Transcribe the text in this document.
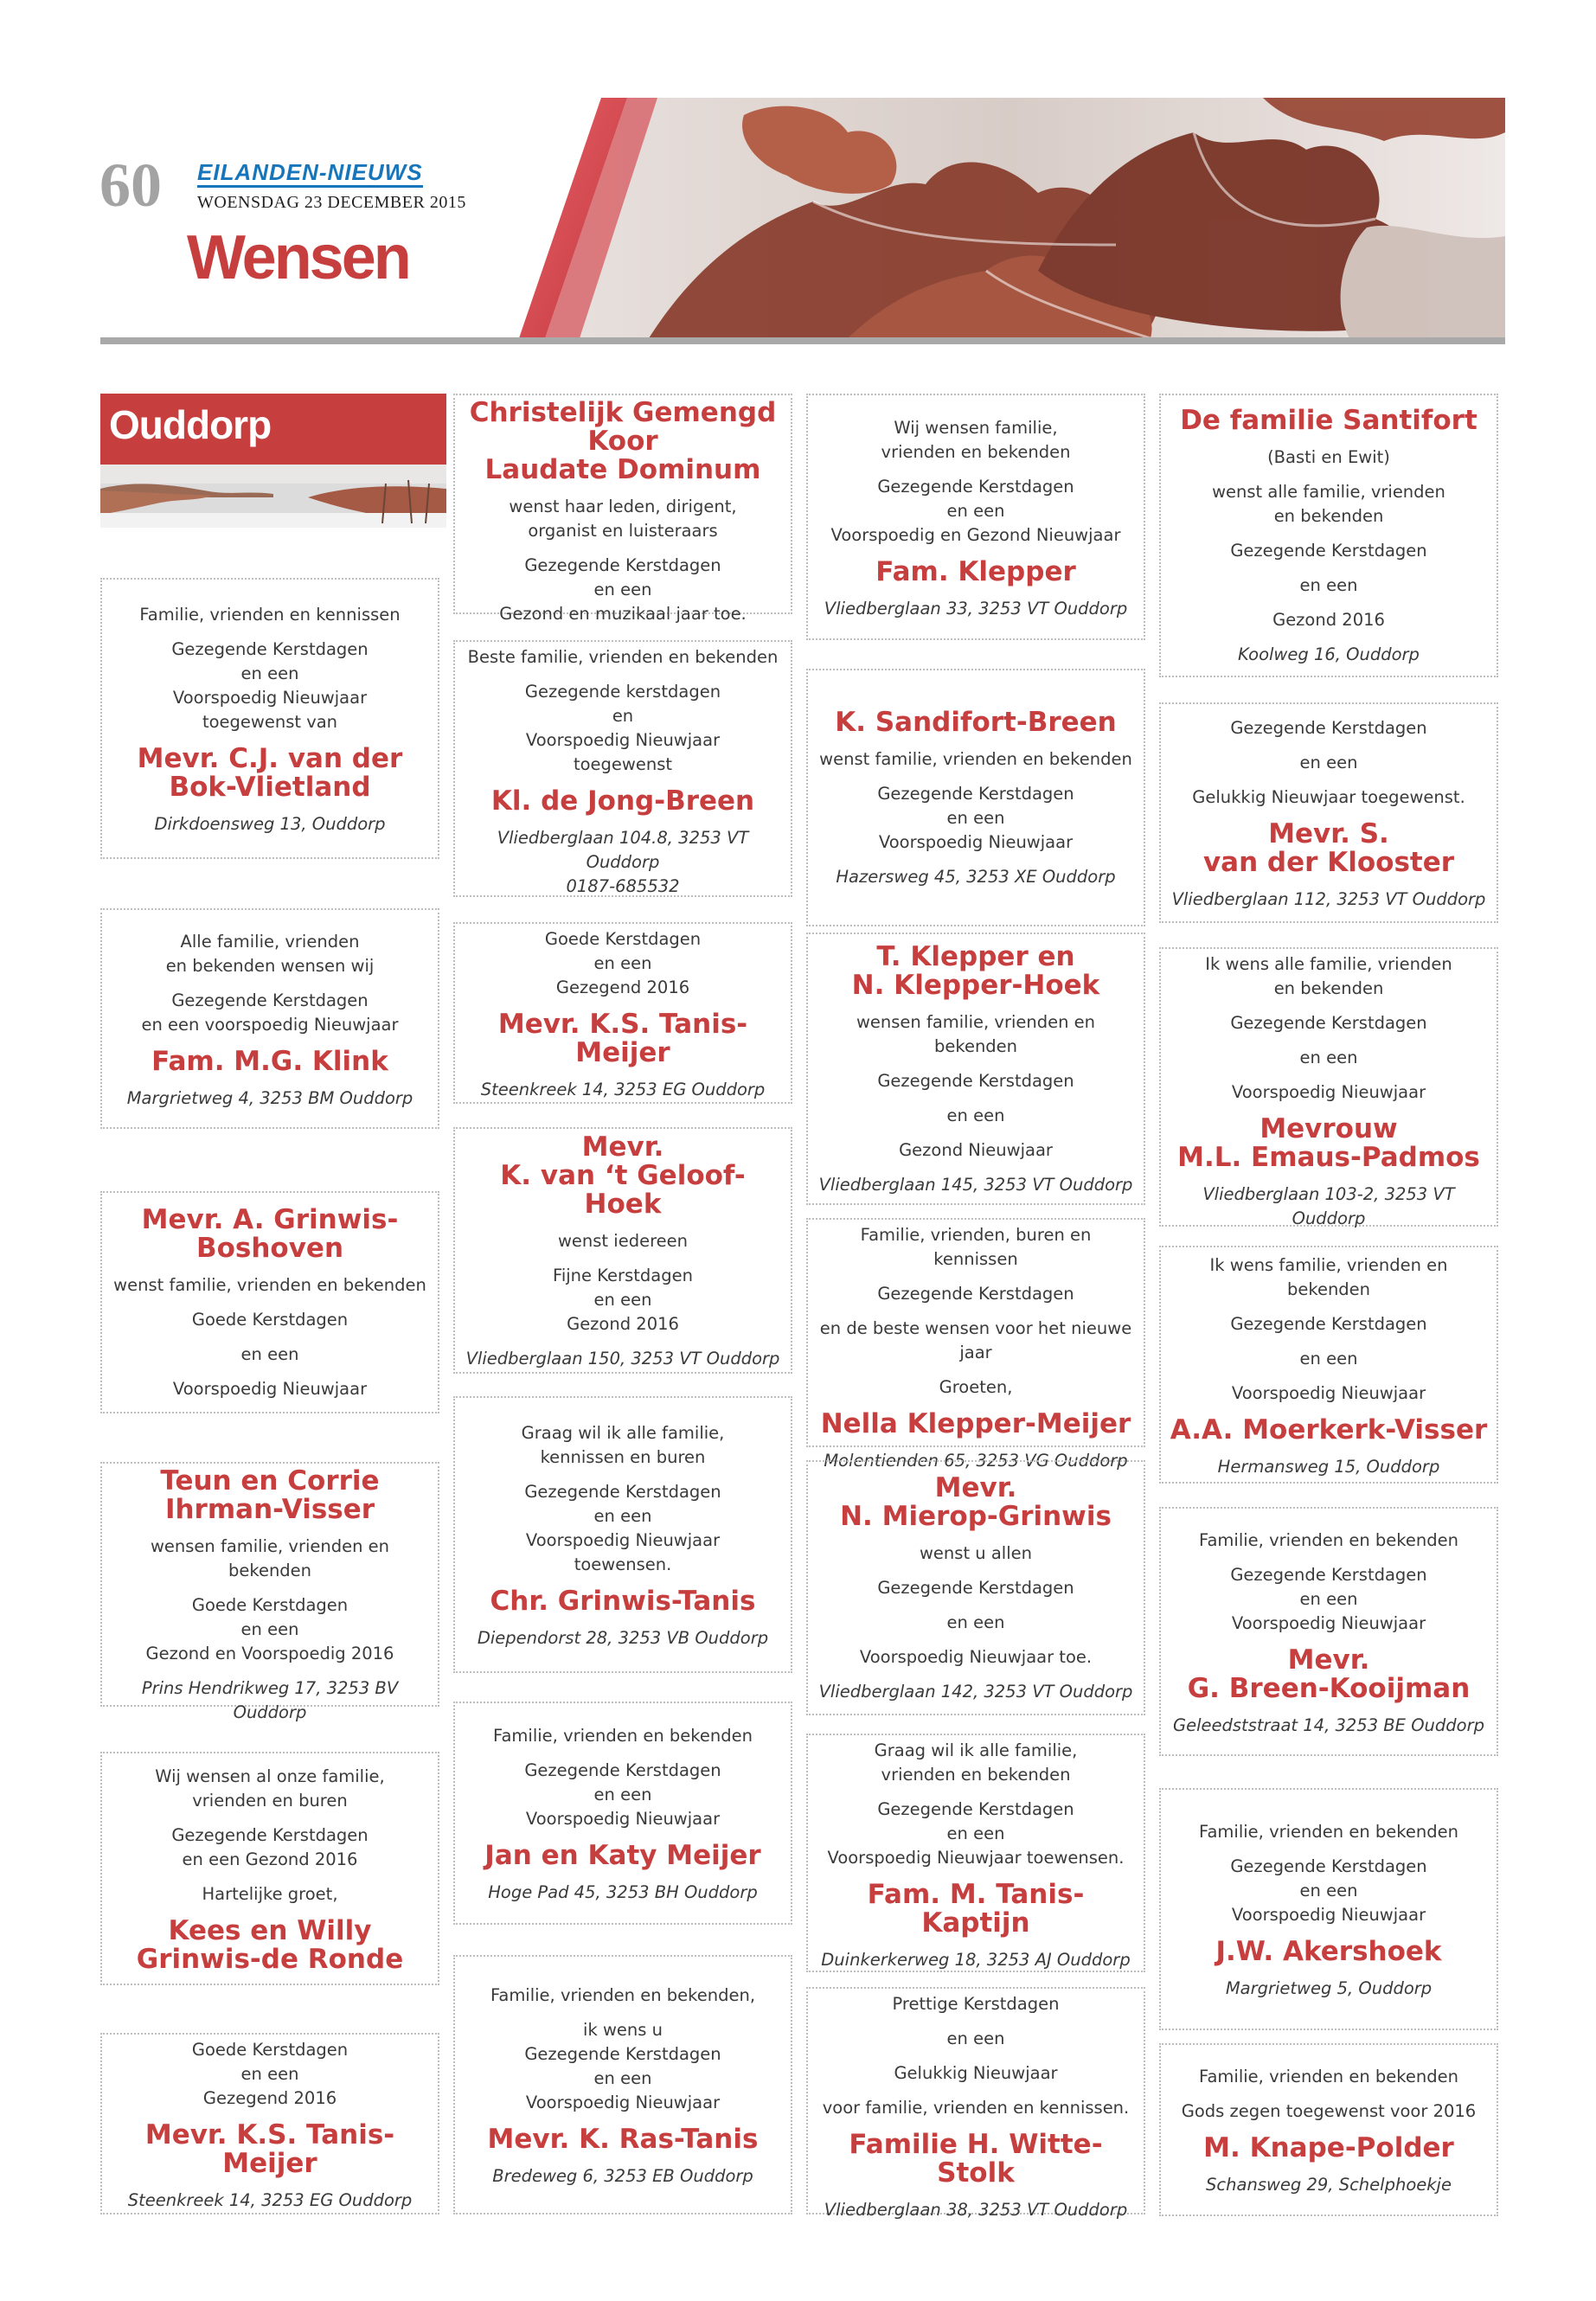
60 EILANDEN-NIEUWS
WOENSDAG 23 DECEMBER 2015
Wensen
Ouddorp
Familie, vrienden en kennissen
Gezegende Kerstdagen
en een
Voorspoedig Nieuwjaar
toegewenst van
Mevr. C.J. van der
Bok-Vlietland
Dirkdoensweg 13, Ouddorp
Alle familie, vrienden
en bekenden wensen wij
Gezegende Kerstdagen
en een voorspoedig Nieuwjaar
Fam. M.G. Klink
Margrietweg 4, 3253 BM Ouddorp
Mevr. A. Grinwis-
Boshoven
wenst familie, vrienden en bekenden
Goede Kerstdagen
en een
Voorspoedig Nieuwjaar
Teun en Corrie
Ihrman-Visser
wensen familie, vrienden en bekenden
Goede Kerstdagen
en een
Gezond en Voorspoedig 2016
Prins Hendrikweg 17, 3253 BV Ouddorp
Wij wensen al onze familie,
vrienden en buren
Gezegende Kerstdagen
en een Gezond 2016
Hartelijke groet,
Kees en Willy
Grinwis-de Ronde
Goede Kerstdagen
en een
Gezegend 2016
Mevr. K.S. Tanis-Meijer
Steenkreek 14, 3253 EG Ouddorp
Christelijk Gemengd Koor
Laudate Dominum
wenst haar leden, dirigent,
organist en luisteraars
Gezegende Kerstdagen
en een
Gezond en muzikaal jaar toe.
Beste familie, vrienden en bekenden
Gezegende kerstdagen
en
Voorspoedig Nieuwjaar
toegewenst
Kl. de Jong-Breen
Vliedberglaan 104.8, 3253 VT Ouddorp
0187-685532
Goede Kerstdagen
en een
Gezegend 2016
Mevr. K.S. Tanis-Meijer
Steenkreek 14, 3253 EG Ouddorp
Mevr.
K. van ‘t Geloof-Hoek
wenst iedereen
Fijne Kerstdagen
en een
Gezond 2016
Vliedberglaan 150, 3253 VT Ouddorp
Graag wil ik alle familie,
kennissen en buren
Gezegende Kerstdagen
en een
Voorspoedig Nieuwjaar
toewensen.
Chr. Grinwis-Tanis
Diependorst 28, 3253 VB Ouddorp
Familie, vrienden en bekenden
Gezegende Kerstdagen
en een
Voorspoedig Nieuwjaar
Jan en Katy Meijer
Hoge Pad 45, 3253 BH Ouddorp
Familie, vrienden en bekenden,
ik wens u
Gezegende Kerstdagen
en een
Voorspoedig Nieuwjaar
Mevr. K. Ras-Tanis
Bredeweg 6, 3253 EB Ouddorp
Wij wensen familie,
vrienden en bekenden
Gezegende Kerstdagen
en een
Voorspoedig en Gezond Nieuwjaar
Fam. Klepper
Vliedberglaan 33, 3253 VT Ouddorp
K. Sandifort-Breen
wenst familie, vrienden en bekenden
Gezegende Kerstdagen
en een
Voorspoedig Nieuwjaar
Hazersweg 45, 3253 XE Ouddorp
T. Klepper en
N. Klepper-Hoek
wensen familie, vrienden en bekenden
Gezegende Kerstdagen
en een
Gezond Nieuwjaar
Vliedberglaan 145, 3253 VT Ouddorp
Familie, vrienden, buren en kennissen
Gezegende Kerstdagen
en de beste wensen voor het nieuwe jaar
Groeten,
Nella Klepper-Meijer
Molentienden 65, 3253 VG Ouddorp
Mevr.
N. Mierop-Grinwis
wenst u allen
Gezegende Kerstdagen
en een
Voorspoedig Nieuwjaar toe.
Vliedberglaan 142, 3253 VT Ouddorp
Graag wil ik alle familie,
vrienden en bekenden
Gezegende Kerstdagen
en een
Voorspoedig Nieuwjaar toewensen.
Fam. M. Tanis-Kaptijn
Duinkerkerweg 18, 3253 AJ Ouddorp
Prettige Kerstdagen
en een
Gelukkig Nieuwjaar
voor familie, vrienden en kennissen.
Familie H. Witte-Stolk
Vliedberglaan 38, 3253 VT Ouddorp
De familie Santifort
(Basti en Ewit)
wenst alle familie, vrienden
en bekenden
Gezegende Kerstdagen
en een
Gezond 2016
Koolweg 16, Ouddorp
Gezegende Kerstdagen
en een
Gelukkig Nieuwjaar toegewenst.
Mevr. S.
van der Klooster
Vliedberglaan 112, 3253 VT Ouddorp
Ik wens alle familie, vrienden
en bekenden
Gezegende Kerstdagen
en een
Voorspoedig Nieuwjaar
Mevrouw
M.L. Emaus-Padmos
Vliedberglaan 103-2, 3253 VT Ouddorp
Ik wens familie, vrienden en bekenden
Gezegende Kerstdagen
en een
Voorspoedig Nieuwjaar
A.A. Moerkerk-Visser
Hermansweg 15, Ouddorp
Familie, vrienden en bekenden
Gezegende Kerstdagen
en een
Voorspoedig Nieuwjaar
Mevr.
G. Breen-Kooijman
Geleedststraat 14, 3253 BE Ouddorp
Familie, vrienden en bekenden
Gezegende Kerstdagen
en een
Voorspoedig Nieuwjaar
J.W. Akershoek
Margrietweg 5, Ouddorp
Familie, vrienden en bekenden
Gods zegen toegewenst voor 2016
M. Knape-Polder
Schansweg 29, Schelphoekje
